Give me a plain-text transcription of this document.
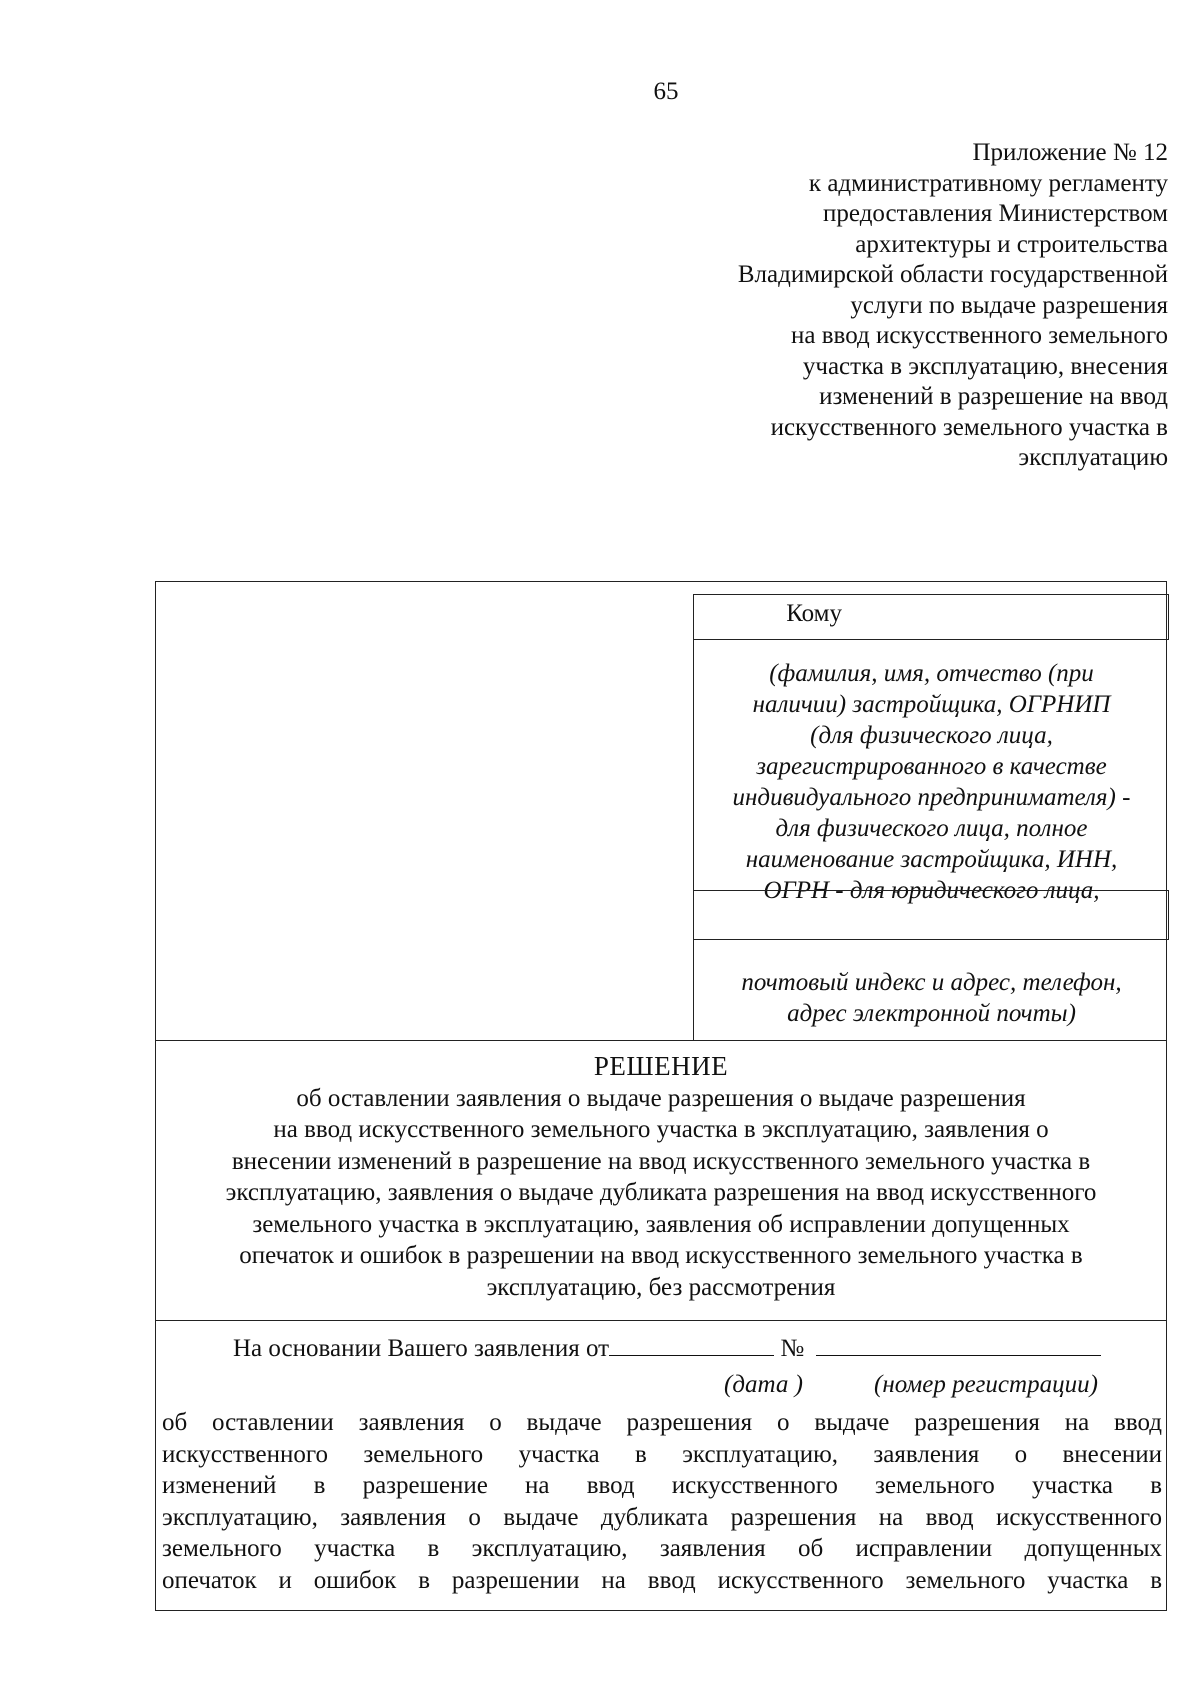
65
Приложение № 12
к административному регламенту
предоставления Министерством
архитектуры и строительства
Владимирской области государственной
услуги по выдаче разрешения
на ввод искусственного земельного
участка в эксплуатацию, внесения
изменений в разрешение на ввод
искусственного земельного участка в
эксплуатацию
Кому
(фамилия, имя, отчество (при
наличии) застройщика, ОГРНИП
(для физического лица,
зарегистрированного в качестве
индивидуального предпринимателя) -
для физического лица, полное
наименование застройщика, ИНН,
ОГРН - для юридического лица,
почтовый индекс и адрес, телефон,
адрес электронной почты)
РЕШЕНИЕ
об оставлении заявления о выдаче разрешения о выдаче разрешения
на ввод искусственного земельного участка в эксплуатацию, заявления о
внесении изменений в разрешение на ввод искусственного земельного участка в
эксплуатацию, заявления о выдаче дубликата разрешения на ввод искусственного
земельного участка в эксплуатацию, заявления об исправлении допущенных
опечаток и ошибок в разрешении на ввод искусственного земельного участка в
эксплуатацию, без рассмотрения
На основании Вашего заявления от	№
(дата )	(номер регистрации)
об оставлении заявления о выдаче разрешения о выдаче разрешения на ввод
искусственного земельного участка в эксплуатацию, заявления о внесении
изменений в разрешение на ввод искусственного земельного участка в
эксплуатацию, заявления о выдаче дубликата разрешения на ввод искусственного
земельного участка в эксплуатацию, заявления об исправлении допущенных
опечаток и ошибок в разрешении на ввод искусственного земельного участка в
